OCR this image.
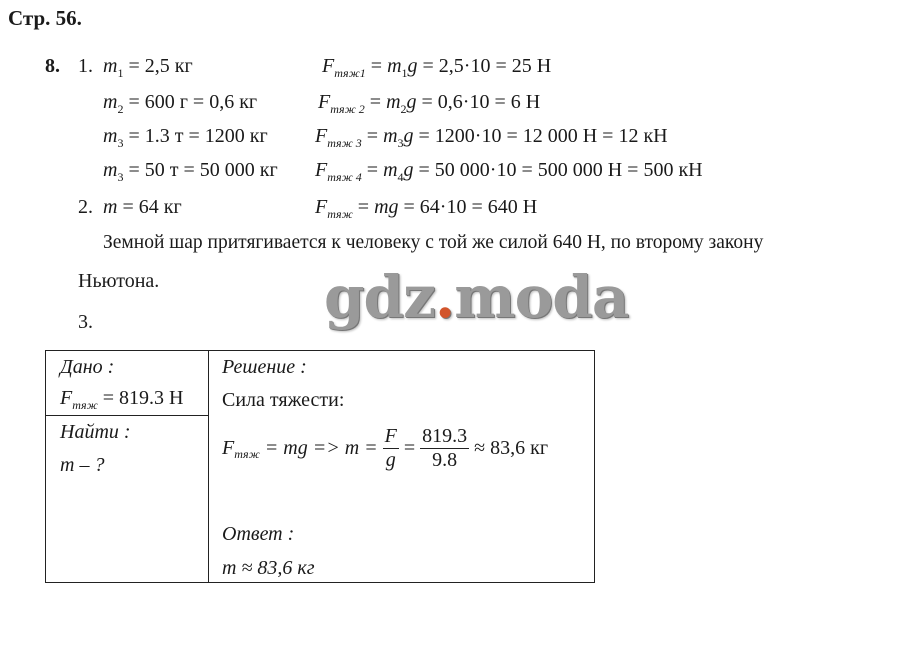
Стр. 56.
8. 1. $m_1 = 2,5$ кг	$F_{тяж1} = m_1g = 2,5\cdot 10 = 25$ Н
$m_2 = 600$ г = 0,6 кг	$F_{тяж 2} = m_2g = 0,6\cdot 10 = 6$ Н
$m_3 = 1.3$ т = 1200 кг $F_{тяж 3} = m_3g = 1200\cdot 10 = 12$ 000 Н = 12 кН
$m_3 = 50$ т = 50 000 кг $F_{тяж 4} = m_4g = 50$ 000·10 = 500 000 Н = 500 кН
2. m = 64 кг	$F_{тяж}$ = mg = 64·10 = 640 Н
Земной шар притягивается к человеку с той же силой 640 Н, по второму закону
Ньютона.	gdz.moda
3.
Дано :
$F_{тяж} = 819.3$ Н
Найти :
m – ?
Решение :
Сила тяжести:
$F_{тяж}$ = mg => $m = \frac{F}{g} = \frac{819.3}{9.8} \approx 83,6$ кг
Ответ :
m ≈ 83,6 кг
